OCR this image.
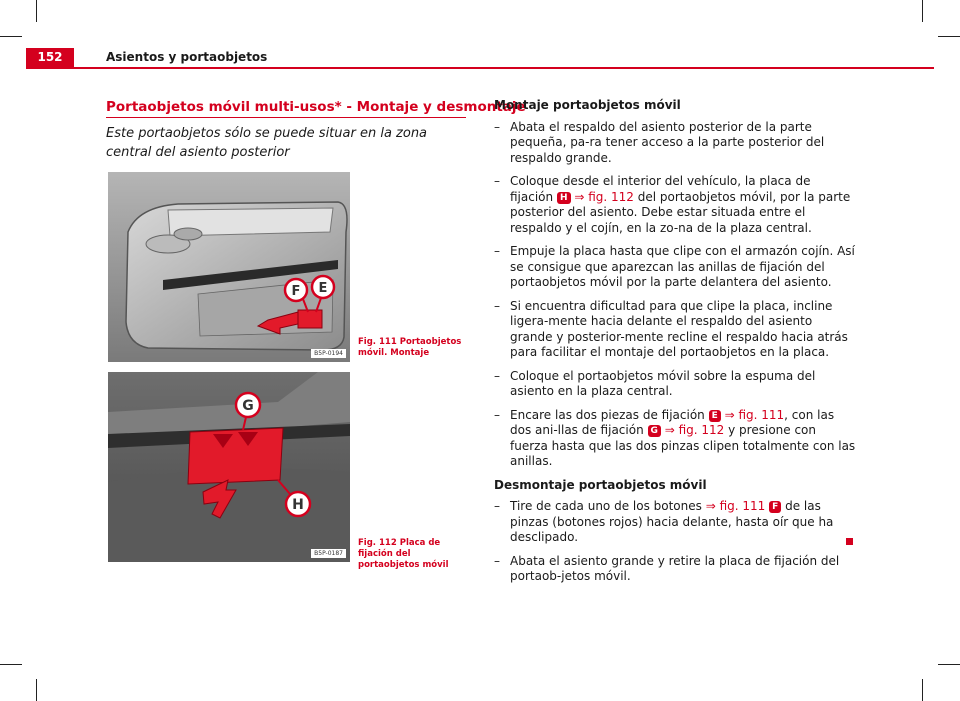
152	Asientos y portaobjetos
Portaobjetos móvil multi-usos* - Montaje y desmontaje
Este portaobjetos sólo se puede situar en la zona central del asiento posterior
F E
B5P-0194
Fig. 111 Portaobjetos móvil. Montaje
G
H
B5P-0187
Fig. 112 Placa de fijación del portaobjetos móvil
Montaje portaobjetos móvil
– Abata el respaldo del asiento posterior de la parte pequeña, pa-ra tener acceso a la parte posterior del respaldo grande.
– Coloque desde el interior del vehículo, la placa de fijación H ⇒ fig. 112 del portaobjetos móvil, por la parte posterior del asiento. Debe estar situada entre el respaldo y el cojín, en la zo-na de la plaza central.
– Empuje la placa hasta que clipe con el armazón cojín. Así se consigue que aparezcan las anillas de fijación del portaobjetos móvil por la parte delantera del asiento.
– Si encuentra dificultad para que clipe la placa, incline ligera-mente hacia delante el respaldo del asiento grande y posterior-mente recline el respaldo hacia atrás para facilitar el montaje del portaobjetos en la placa.
– Coloque el portaobjetos móvil sobre la espuma del asiento en la plaza central.
– Encare las dos piezas de fijación E ⇒ fig. 111, con las dos ani-llas de fijación G ⇒ fig. 112 y presione con fuerza hasta que las dos pinzas clipen totalmente con las anillas.
Desmontaje portaobjetos móvil
– Tire de cada uno de los botones ⇒ fig. 111 F de las pinzas (botones rojos) hacia delante, hasta oír que ha desclipado.
– Abata el asiento grande y retire la placa de fijación del portaob-jetos móvil.
